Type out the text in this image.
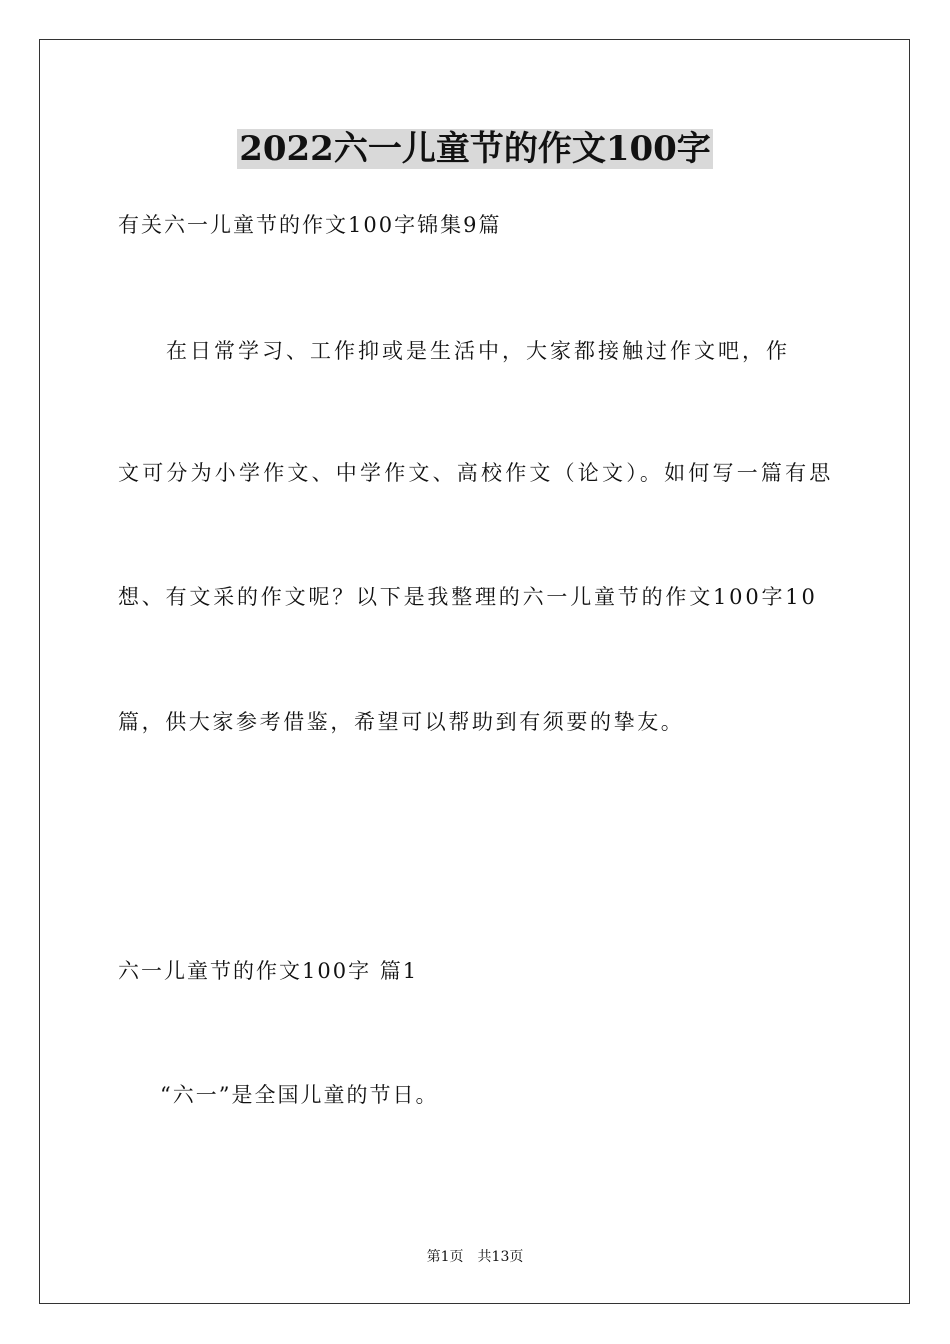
2022六一儿童节的作文100字
有关六一儿童节的作文100字锦集9篇
　　在日常学习、工作抑或是生活中，大家都接触过作文吧，作
文可分为小学作文、中学作文、高校作文（论文）。如何写一篇有思
想、有文采的作文呢？以下是我整理的六一儿童节的作文100字10
篇，供大家参考借鉴，希望可以帮助到有须要的挚友。
六一儿童节的作文100字 篇1
“六一”是全国儿童的节日。
第1页　共13页
